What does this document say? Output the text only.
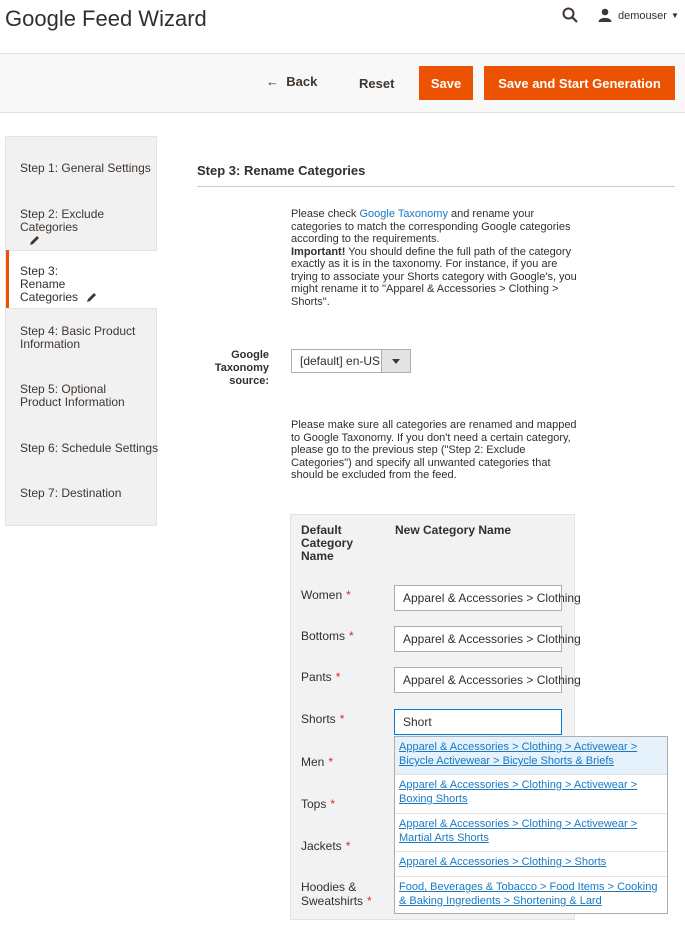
Google Feed Wizard	demouser ▼
←  Back	Reset	Save	Save and Start Generation
Step 1: General Settings
Step 2: Exclude Categories

Step 3: Rename Categories
Step 4: Basic Product Information
Step 5: Optional Product Information
Step 6: Schedule Settings
Step 7: Destination
Step 3: Rename Categories
Please check Google Taxonomy and rename your categories to match the corresponding Google categories according to the requirements.
Important! You should define the full path of the category exactly as it is in the taxonomy. For instance, if you are trying to associate your Shorts category with Google's, you might rename it to "Apparel & Accessories > Clothing > Shorts".
Google Taxonomy source:
[default] en-US
Please make sure all categories are renamed and mapped to Google Taxonomy. If you don't need a certain category, please go to the previous step ("Step 2: Exclude Categories") and specify all unwanted categories that should be excluded from the feed.
Default Category Name
New Category Name
Women *	Apparel & Accessories > Clothing
Bottoms *	Apparel & Accessories > Clothing
Pants *	Apparel & Accessories > Clothing
Shorts *	Short
Men *
Tops *
Jackets *
Hoodies & Sweatshirts *
Apparel & Accessories > Clothing > Activewear > Bicycle Activewear > Bicycle Shorts & Briefs
Apparel & Accessories > Clothing > Activewear > Boxing Shorts
Apparel & Accessories > Clothing > Activewear > Martial Arts Shorts
Apparel & Accessories > Clothing > Shorts
Food, Beverages & Tobacco > Food Items > Cooking & Baking Ingredients > Shortening & Lard
